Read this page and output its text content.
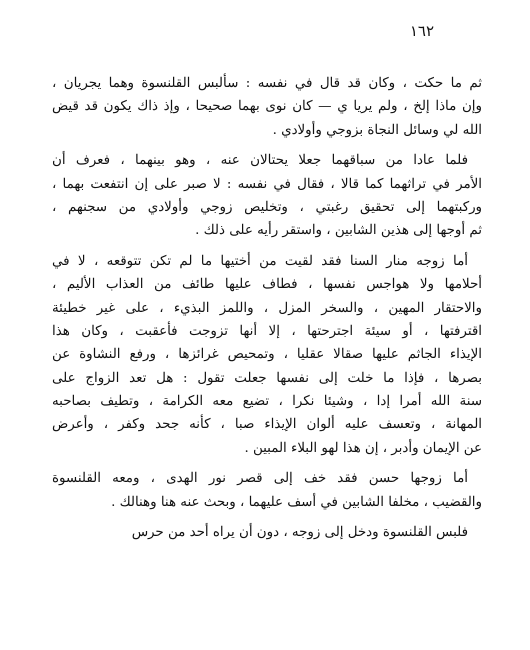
١٦٢
ثم ما حكت ، وكان قد قال في نفسه : سألبس القلنسوة وهما يجريان ،
وإن ماذا إلخ ، ولم يريا ي — كان نوى بهما صحيحا ، وإذ ذاك يكون قد قيض
الله لي وسائل النجاة بزوجي وأولادي .
فلما عادا من سباقهما جعلا يحتالان عنه ، وهو بينهما ، فعرف أن
الأمر في تراثهما كما قالا ، فقال في نفسه : لا صبر على إن انتفعت بهما ،
وركبتهما إلى تحقيق رغبتي ، وتخليص زوجي وأولادي من سجنهم ،
ثم أوجها إلى هذين الشابين ، واستقر رأيه على ذلك .
أما زوجه منار السنا فقد لقيت من أختيها ما لم تكن تتوقعه ، لا في
أحلامها ولا هواجس نفسها ، فطاف عليها طائف من العذاب الأليم ،
والاحتقار المهين ، والسخر المزل ، واللمز البذيء ، على غير خطيئة
اقترفتها ، أو سيئة اجترحتها ، إلا أنها تزوجت فأعقبت ، وكان هذا
الإيذاء الجاثم عليها صقالا عقليا ، وتمحيص غرائزها ، ورفع النشاوة عن
بصرها ، فإذا ما خلت إلى نفسها جعلت تقول : هل تعد الزواج على
سنة الله أمرا إدا ، وشيئا نكرا ، تضيع معه الكرامة ، وتطيف بصاحبه
المهانة ، وتعسف عليه ألوان الإيذاء صبا ، كأنه جحد وكفر ، وأعرض
عن الإيمان وأدبر ، إن هذا لهو البلاء المبين .
أما زوجها حسن فقد خف إلى قصر نور الهدى ، ومعه القلنسوة
والقضيب ، مخلفا الشابين في أسف عليهما ، وبحث عنه هنا وهنالك .
فلبس القلنسوة ودخل إلى زوجه ، دون أن يراه أحد من حرس
